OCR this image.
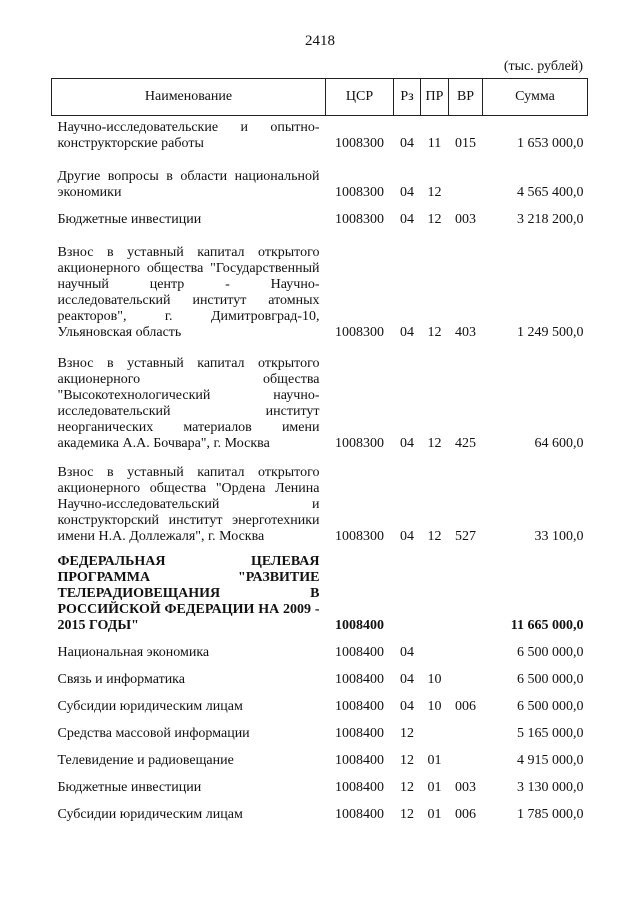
2418
(тыс. рублей)
Наименование	ЦСР	Рз	ПР	ВР	Сумма
Научно-исследовательские и опытно-конструкторские работы	1008300	04	11	015	1 653 000,0
Другие вопросы в области национальной экономики	1008300	04	12		4 565 400,0
Бюджетные инвестиции	1008300	04	12	003	3 218 200,0
Взнос в уставный капитал открытого акционерного общества "Государственный научный центр - Научно-исследовательский институт атомных реакторов", г. Димитровград-10, Ульяновская область	1008300	04	12	403	1 249 500,0
Взнос в уставный капитал открытого акционерного общества "Высокотехнологический научно-исследовательский институт неорганических материалов имени академика А.А. Бочвара", г. Москва	1008300	04	12	425	64 600,0
Взнос в уставный капитал открытого акционерного общества "Ордена Ленина Научно-исследовательский и конструкторский институт энерготехники имени Н.А. Доллежаля", г. Москва	1008300	04	12	527	33 100,0
ФЕДЕРАЛЬНАЯ ЦЕЛЕВАЯ ПРОГРАММА "РАЗВИТИЕ ТЕЛЕРАДИОВЕЩАНИЯ В РОССИЙСКОЙ ФЕДЕРАЦИИ НА 2009 - 2015 ГОДЫ"	1008400				11 665 000,0
Национальная экономика	1008400	04			6 500 000,0
Связь и информатика	1008400	04	10		6 500 000,0
Субсидии юридическим лицам	1008400	04	10	006	6 500 000,0
Средства массовой информации	1008400	12			5 165 000,0
Телевидение и радиовещание	1008400	12	01		4 915 000,0
Бюджетные инвестиции	1008400	12	01	003	3 130 000,0
Субсидии юридическим лицам	1008400	12	01	006	1 785 000,0
